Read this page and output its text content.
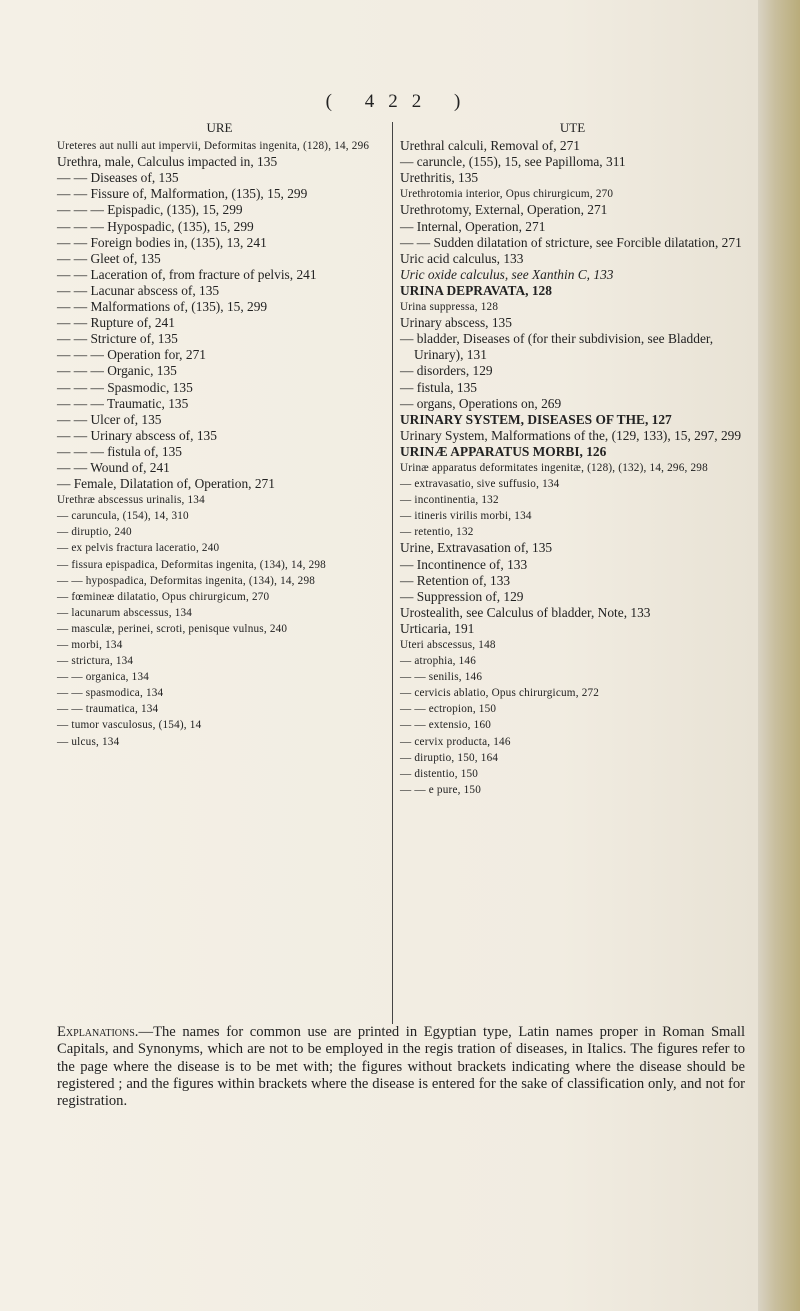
( 422 )
URE
Ureteres aut nulli aut impervii, Deformitas ingenita, (128), 14, 296
Urethra, male, Calculus impacted in, 135
— — Diseases of, 135
— — Fissure of, Malformation, (135), 15, 299
— — — Epispadic, (135), 15, 299
— — — Hypospadic, (135), 15, 299
— — Foreign bodies in, (135), 13, 241
— — Gleet of, 135
— — Laceration of, from fracture of pelvis, 241
— — Lacunar abscess of, 135
— — Malformations of, (135), 15, 299
— — Rupture of, 241
— — Stricture of, 135
— — — Operation for, 271
— — — Organic, 135
— — — Spasmodic, 135
— — — Traumatic, 135
— — Ulcer of, 135
— — Urinary abscess of, 135
— — — fistula of, 135
— — Wound of, 241
— Female, Dilatation of, Operation, 271
Urethræ abscessus urinalis, 134
— carunculа, (154), 14, 310
— diruptio, 240
— ex pelvis fractura laceratio, 240
— fissura epispadica, Deformitas ingenita, (134), 14, 298
— — hypospadica, Deformitas ingenita, (134), 14, 298
— fœmineæ dilatatio, Opus chirurgicum, 270
— lacunarum abscessus, 134
— masculæ, perinei, scroti, penisque vulnus, 240
— morbi, 134
— strictura, 134
— — organica, 134
— — spasmodica, 134
— — traumatica, 134
— tumor vasculosus, (154), 14
— ulcus, 134
UTE
Urethral calculi, Removal of, 271
— caruncle, (155), 15, see Papilloma, 311
Urethritis, 135
Urethrotomia interior, Opus chirurgicum, 270
Urethrotomy, External, Operation, 271
— Internal, Operation, 271
— — Sudden dilatation of stricture, see Forcible dilatation, 271
Uric acid calculus, 133
Uric oxide calculus, see Xanthin C, 133
URINA DEPRAVATA, 128
Urina suppressa, 128
Urinary abscess, 135
— bladder, Diseases of (for their subdivision, see Bladder, Urinary), 131
— disorders, 129
— fistula, 135
— organs, Operations on, 269
URINARY SYSTEM, DISEASES OF THE, 127
Urinary System, Malformations of the, (129, 133), 15, 297, 299
URINÆ APPARATUS MORBI, 126
Urinæ apparatus deformitates ingenitæ, (128), (132), 14, 296, 298
— extravasatio, sive suffusio, 134
— incontinentia, 132
— itineris virilis morbi, 134
— retentio, 132
Urine, Extravasation of, 135
— Incontinence of, 133
— Retention of, 133
— Suppression of, 129
Urostealith, see Calculus of bladder, Note, 133
Urticaria, 191
Uteri abscessus, 148
— atrophia, 146
— — senilis, 146
— cervicis ablatio, Opus chirurgicum, 272
— — ectropion, 150
— — extensio, 160
— cervix producta, 146
— diruptio, 150, 164
— distentio, 150
— — e pure, 150
Explanations.—The names for common use are printed in Egyptian type, Latin names proper in Roman Small Capitals, and Synonyms, which are not to be employed in the regis tration of diseases, in Italics. The figures refer to the page where the disease is to be met with; the figures without brackets indicating where the disease should be registered ; and the figures within brackets where the disease is entered for the sake of classification only, and not for registration.
